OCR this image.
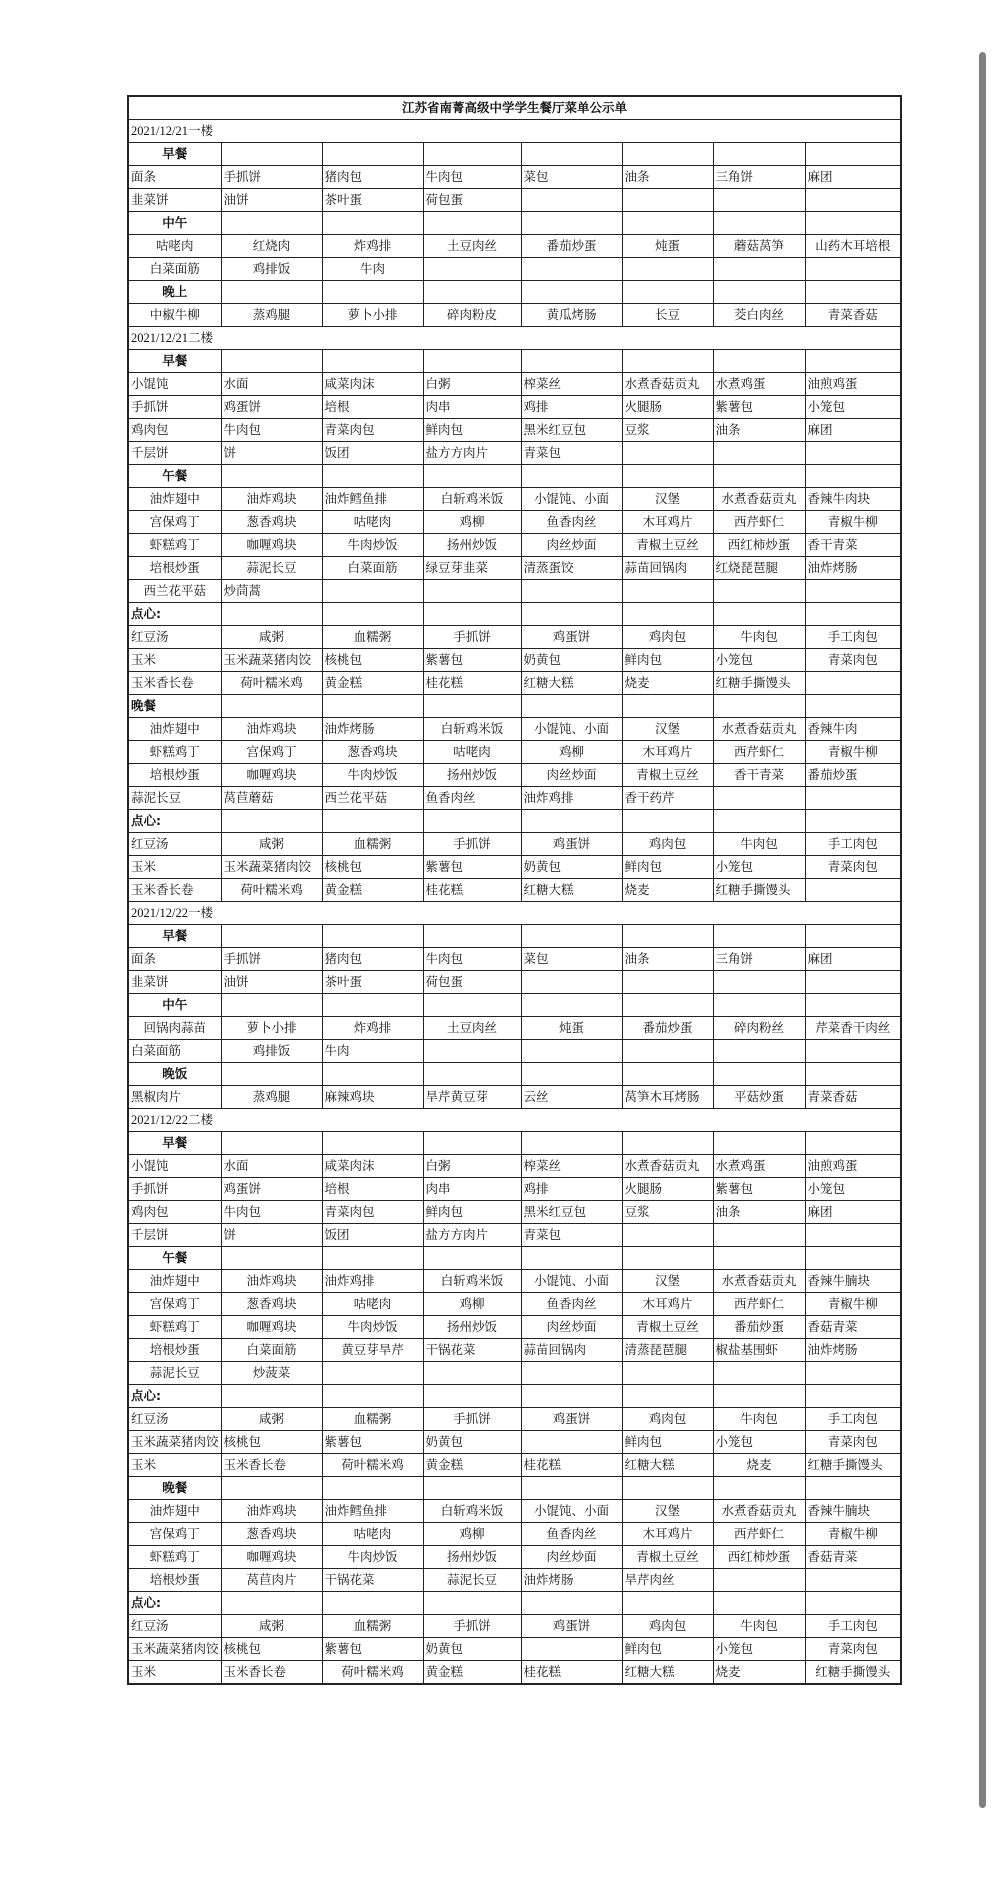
江苏省南菁高级中学学生餐厅菜单公示单							
2021/12/21一楼							
早餐							
面条	手抓饼	猪肉包	牛肉包	菜包	油条	三角饼	麻团
韭菜饼	油饼	茶叶蛋	荷包蛋				
中午							
咕咾肉	红烧肉	炸鸡排	土豆肉丝	番茄炒蛋	炖蛋	蘑菇莴笋	山药木耳培根
白菜面筋	鸡排饭	牛肉					
晚上							
中椒牛柳	蒸鸡腿	萝卜小排	碎肉粉皮	黄瓜烤肠	长豆	茭白肉丝	青菜香菇
2021/12/21二楼							
早餐							
小馄饨	水面	咸菜肉沫	白粥	榨菜丝	水煮香菇贡丸	水煮鸡蛋	油煎鸡蛋
手抓饼	鸡蛋饼	培根	肉串	鸡排	火腿肠	紫薯包	小笼包
鸡肉包	牛肉包	青菜肉包	鲜肉包	黑米红豆包	豆浆	油条	麻团
千层饼	饼	饭团	盐方方肉片	青菜包			
午餐							
油炸翅中	油炸鸡块	油炸鳕鱼排	白斩鸡米饭	小馄饨、小面	汉堡	水煮香菇贡丸	香辣牛肉块
宫保鸡丁	葱香鸡块	咕咾肉	鸡柳	鱼香肉丝	木耳鸡片	西芹虾仁	青椒牛柳
虾糕鸡丁	咖喱鸡块	牛肉炒饭	扬州炒饭	肉丝炒面	青椒土豆丝	西红柿炒蛋	香干青菜
培根炒蛋	蒜泥长豆	白菜面筋	绿豆芽韭菜	清蒸蛋饺	蒜苗回锅肉	红烧琵琶腿	油炸烤肠
西兰花平菇	炒茼蒿						
点心:							
红豆汤	咸粥	血糯粥	手抓饼	鸡蛋饼	鸡肉包	牛肉包	手工肉包
玉米	玉米蔬菜猪肉饺	核桃包	紫薯包	奶黄包	鲜肉包	小笼包	青菜肉包
玉米香长卷	荷叶糯米鸡	黄金糕	桂花糕	红糖大糕	烧麦	红糖手撕馒头	
晚餐							
油炸翅中	油炸鸡块	油炸烤肠	白斩鸡米饭	小馄饨、小面	汉堡	水煮香菇贡丸	香辣牛肉
虾糕鸡丁	宫保鸡丁	葱香鸡块	咕咾肉	鸡柳	木耳鸡片	西芹虾仁	青椒牛柳
培根炒蛋	咖喱鸡块	牛肉炒饭	扬州炒饭	肉丝炒面	青椒土豆丝	香干青菜	番茄炒蛋
蒜泥长豆	莴苣蘑菇	西兰花平菇	鱼香肉丝	油炸鸡排	香干药芹		
点心:							
红豆汤	咸粥	血糯粥	手抓饼	鸡蛋饼	鸡肉包	牛肉包	手工肉包
玉米	玉米蔬菜猪肉饺	核桃包	紫薯包	奶黄包	鲜肉包	小笼包	青菜肉包
玉米香长卷	荷叶糯米鸡	黄金糕	桂花糕	红糖大糕	烧麦	红糖手撕馒头	
2021/12/22一楼							
早餐							
面条	手抓饼	猪肉包	牛肉包	菜包	油条	三角饼	麻团
韭菜饼	油饼	茶叶蛋	荷包蛋				
中午							
回锅肉蒜苗	萝卜小排	炸鸡排	土豆肉丝	炖蛋	番茄炒蛋	碎肉粉丝	芹菜香干肉丝
白菜面筋	鸡排饭	牛肉					
晚饭							
黑椒肉片	蒸鸡腿	麻辣鸡块	旱芹黄豆芽	云丝	莴笋木耳烤肠	平菇炒蛋	青菜香菇
2021/12/22二楼							
早餐							
小馄饨	水面	咸菜肉沫	白粥	榨菜丝	水煮香菇贡丸	水煮鸡蛋	油煎鸡蛋
手抓饼	鸡蛋饼	培根	肉串	鸡排	火腿肠	紫薯包	小笼包
鸡肉包	牛肉包	青菜肉包	鲜肉包	黑米红豆包	豆浆	油条	麻团
千层饼	饼	饭团	盐方方肉片	青菜包			
午餐							
油炸翅中	油炸鸡块	油炸鸡排	白斩鸡米饭	小馄饨、小面	汉堡	水煮香菇贡丸	香辣牛腩块
宫保鸡丁	葱香鸡块	咕咾肉	鸡柳	鱼香肉丝	木耳鸡片	西芹虾仁	青椒牛柳
虾糕鸡丁	咖喱鸡块	牛肉炒饭	扬州炒饭	肉丝炒面	青椒土豆丝	番茄炒蛋	香菇青菜
培根炒蛋	白菜面筋	黄豆芽旱芹	干锅花菜	蒜苗回锅肉	清蒸琵琶腿	椒盐基围虾	油炸烤肠
蒜泥长豆	炒菠菜						
点心:							
红豆汤	咸粥	血糯粥	手抓饼	鸡蛋饼	鸡肉包	牛肉包	手工肉包
玉米蔬菜猪肉饺	核桃包	紫薯包	奶黄包		鲜肉包	小笼包	青菜肉包
玉米	玉米香长卷	荷叶糯米鸡	黄金糕	桂花糕	红糖大糕	烧麦	红糖手撕馒头
晚餐							
油炸翅中	油炸鸡块	油炸鳕鱼排	白斩鸡米饭	小馄饨、小面	汉堡	水煮香菇贡丸	香辣牛腩块
宫保鸡丁	葱香鸡块	咕咾肉	鸡柳	鱼香肉丝	木耳鸡片	西芹虾仁	青椒牛柳
虾糕鸡丁	咖喱鸡块	牛肉炒饭	扬州炒饭	肉丝炒面	青椒土豆丝	西红柿炒蛋	香菇青菜
培根炒蛋	莴苣肉片	干锅花菜	蒜泥长豆	油炸烤肠	旱芹肉丝		
点心:							
红豆汤	咸粥	血糯粥	手抓饼	鸡蛋饼	鸡肉包	牛肉包	手工肉包
玉米蔬菜猪肉饺	核桃包	紫薯包	奶黄包		鲜肉包	小笼包	青菜肉包
玉米	玉米香长卷	荷叶糯米鸡	黄金糕	桂花糕	红糖大糕	烧麦	红糖手撕馒头
